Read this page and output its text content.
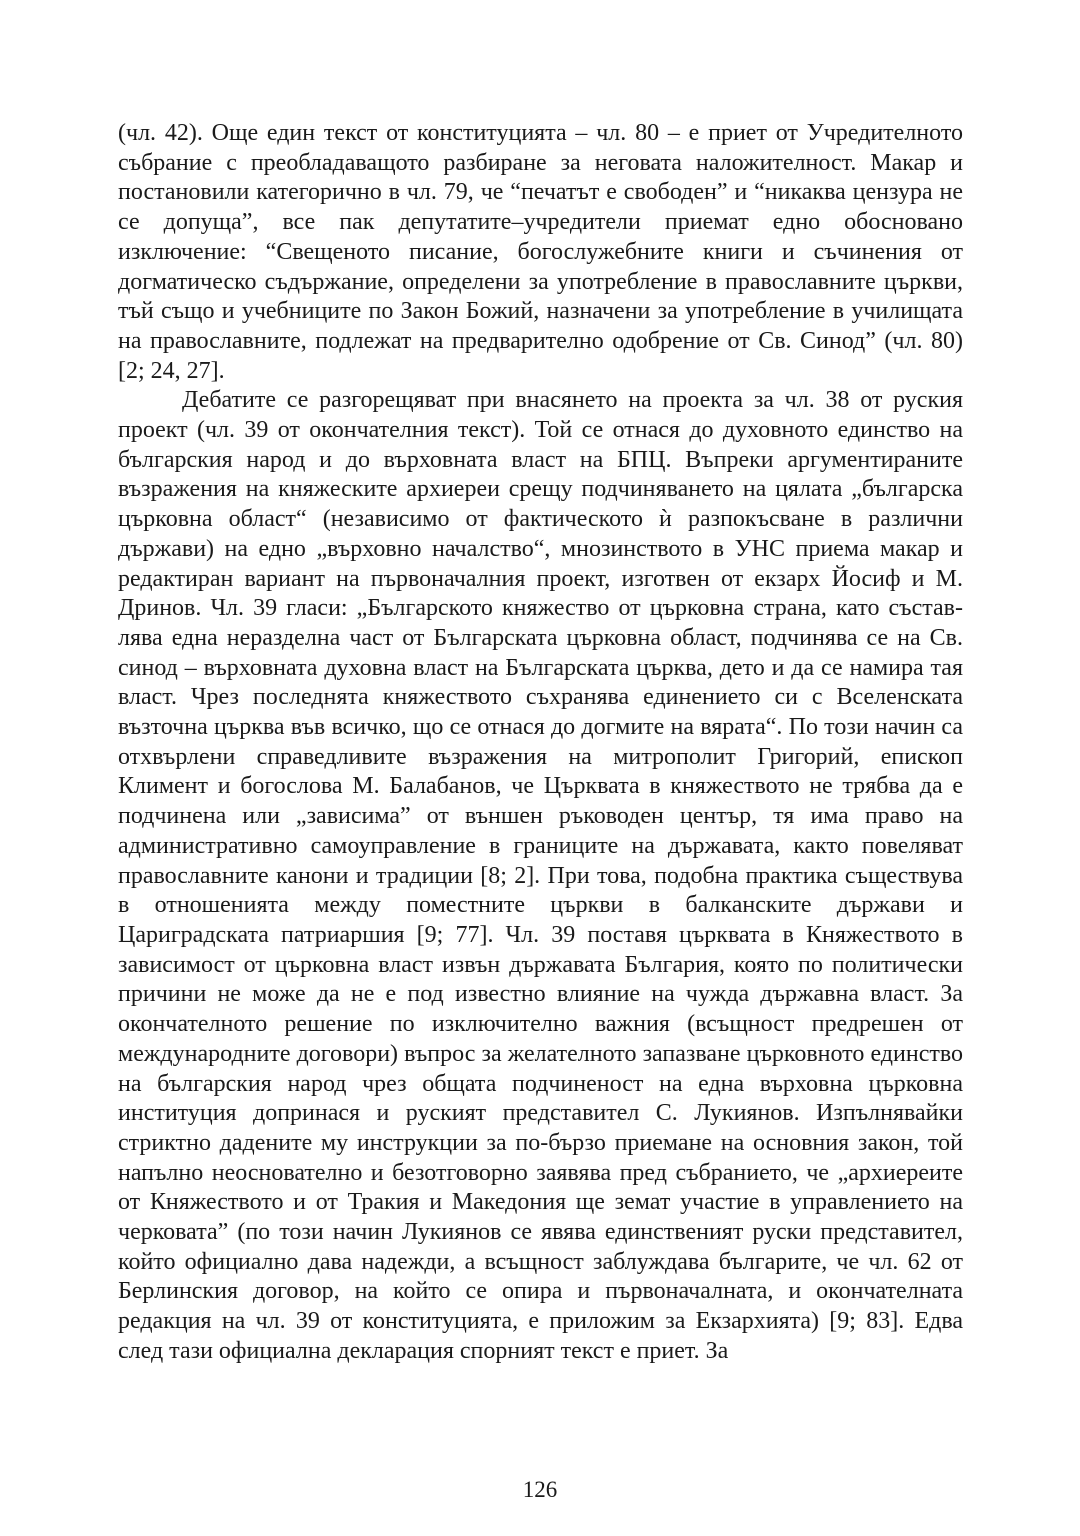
(чл. 42). Още един текст от конституцията – чл. 80 – е приет от Учредителното събрание с преобладаващото разбиране за неговата наложителност. Макар и постановили категорично в чл. 79, че “печатът е свободен” и “никаква цензура не се допуща”, все пак депутатите–учредители приемат едно обосновано изключение: “Свещеното писание, богослужебните книги и съчинения от догматическо съдържание, определени за употребление в православните църкви, тъй също и учебниците по Закон Божий, назначени за употребление в училищата на православните, подлежат на предварително одобрение от Св. Синод” (чл. 80) [2; 24, 27].

Дебатите се разгорещяват при внасянето на проекта за чл. 38 от руския проект (чл. 39 от окончателния текст). Той се отнася до духовното единство на българския народ и до върховната власт на БПЦ. Въпреки аргументираните възражения на княжеските архиереи срещу подчиняването на цялата „българска църковна област“ (независимо от фактическото ѝ разпокъсване в различни държави) на едно „върховно началство“, мнозинството в УНС приема макар и редактиран вариант на първоначалния проект, изготвен от екзарх Йосиф и М. Дринов. Чл. 39 гласи: „Българското княжество от църковна страна, като съставлява една неразделна част от Българската църковна област, подчинява се на Св. синод – върховната духовна власт на Българската църква, дето и да се намира тая власт. Чрез последнята княжеството съхранява единението си с Вселенската възточна църква във всичко, що се отнася до догмите на вярата“. По този начин са отхвърлени справедливите възражения на митрополит Григорий, епископ Климент и богослова М. Балабанов, че Църквата в княжеството не трябва да е подчинена или „зависима” от външен ръководен център, тя има право на административно самоуправление в границите на държавата, както повеляват православните канони и традиции [8; 2]. При това, подобна практика съществува в отношенията между поместните църкви в балканските държави и Цариградската патриаршия [9; 77]. Чл. 39 поставя църквата в Княжеството в зависимост от църковна власт извън държавата България, която по политически причини не може да не е под известно влияние на чужда държавна власт. За окончателното решение по изключително важния (всъщност предрешен от международните договори) въпрос за желателното запазване църковното единство на българския народ чрез общата подчиненост на една върховна църковна институция допринася и руският представител С. Лукиянов. Изпълнявайки стриктно дадените му инструкции за по-бързо приемане на основния закон, той напълно неоснователно и безотговорно заявява пред събранието, че „архиереите от Княжеството и от Тракия и Македония ще земат участие в управлението на черковата” (по този начин Лукиянов се явява единственият руски представител, който официално дава надежди, а всъщност заблуждава българите, че чл. 62 от Берлинския договор, на който се опира и първоначалната, и окончателната редакция на чл. 39 от конституцията, е приложим за Екзархията) [9; 83]. Едва след тази официална декларация спорният текст е приет. За

126
